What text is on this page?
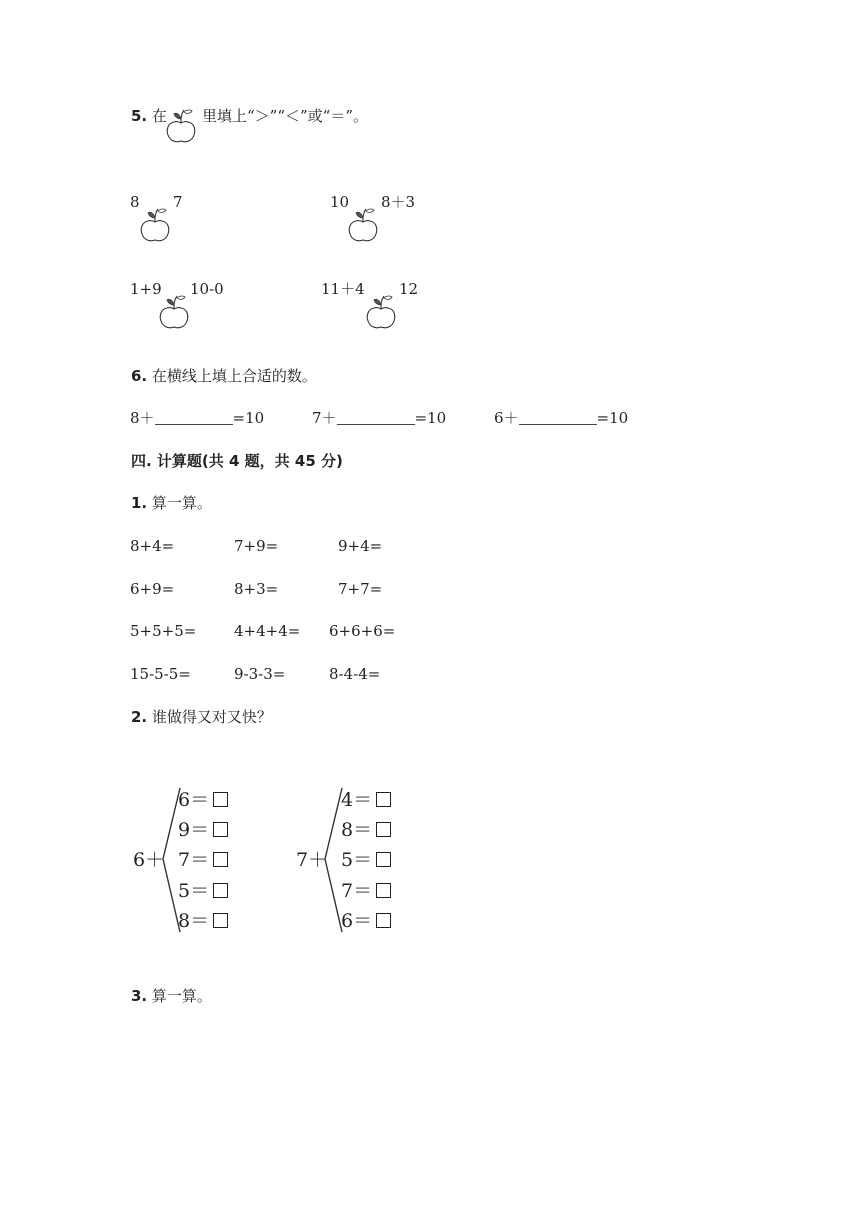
5. 在 里填上“＞”“＜”或“＝”。
8 7	10 8＋3
1+9 10-0	11＋4 12
6. 在横线上填上合适的数。
8＋	=10	7＋	=10	6＋	=10
四. 计算题(共 4 题，共 45 分)
1. 算一算。
8+4=	7+9=	9+4=
6+9=	8+3=	7+7=
5+5+5=	4+4+4= 6+6+6=
15-5-5=	9-3-3=	8-4-4=
2. 谁做得又对又快？
6＋
6＝
9＝
7＝
5＝
8＝
7＋
4＝
8＝
5＝
7＝
6＝
3. 算一算。
